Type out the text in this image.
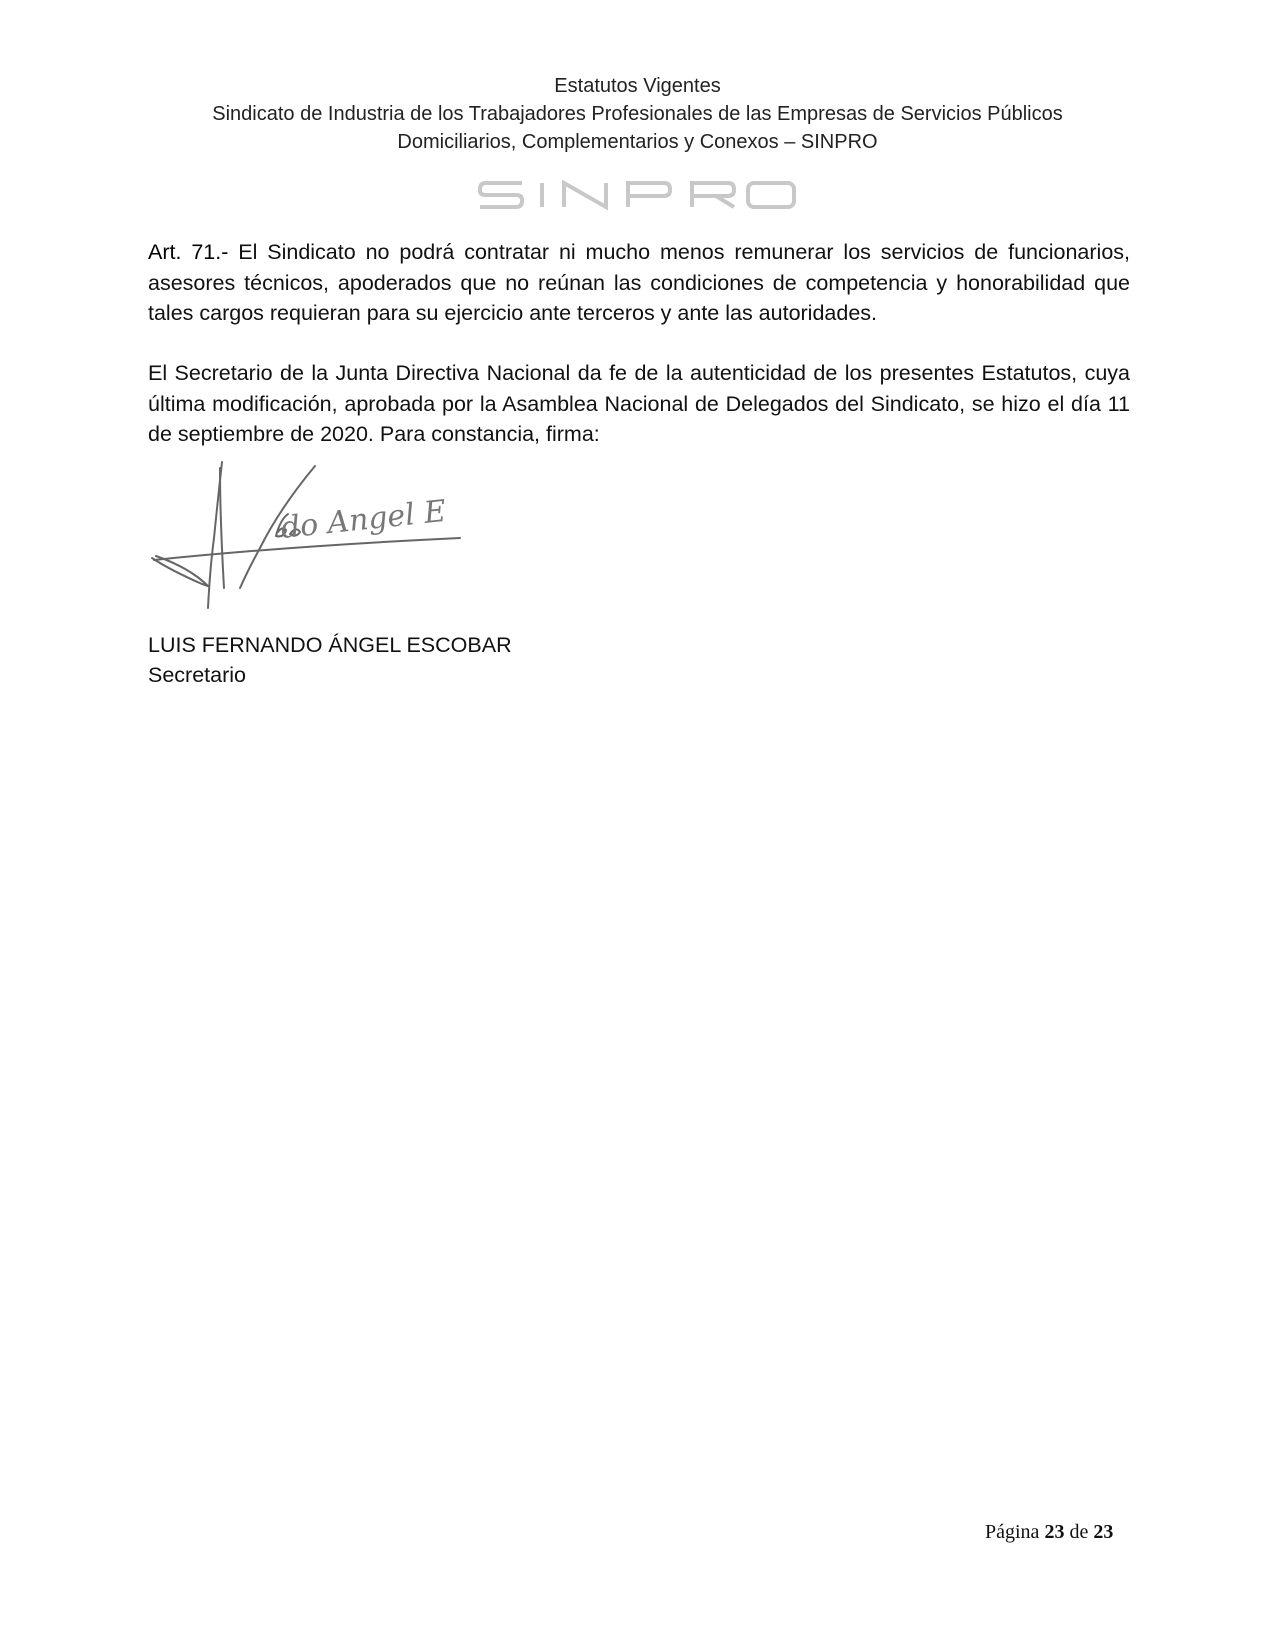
Estatutos Vigentes
Sindicato de Industria de los Trabajadores Profesionales de las Empresas de Servicios Públicos
Domiciliarios, Complementarios y Conexos – SINPRO
Art. 71.- El Sindicato no podrá contratar ni mucho menos remunerar los servicios de funcionarios, asesores técnicos, apoderados que no reúnan las condiciones de competencia y honorabilidad que tales cargos requieran para su ejercicio ante terceros y ante las autoridades.
El Secretario de la Junta Directiva Nacional da fe de la autenticidad de los presentes Estatutos, cuya última modificación, aprobada por la Asamblea Nacional de Delegados del Sindicato, se hizo el día 11 de septiembre de 2020. Para constancia, firma:
do Angel E
LUIS FERNANDO ÁNGEL ESCOBAR
Secretario
Página 23 de 23
